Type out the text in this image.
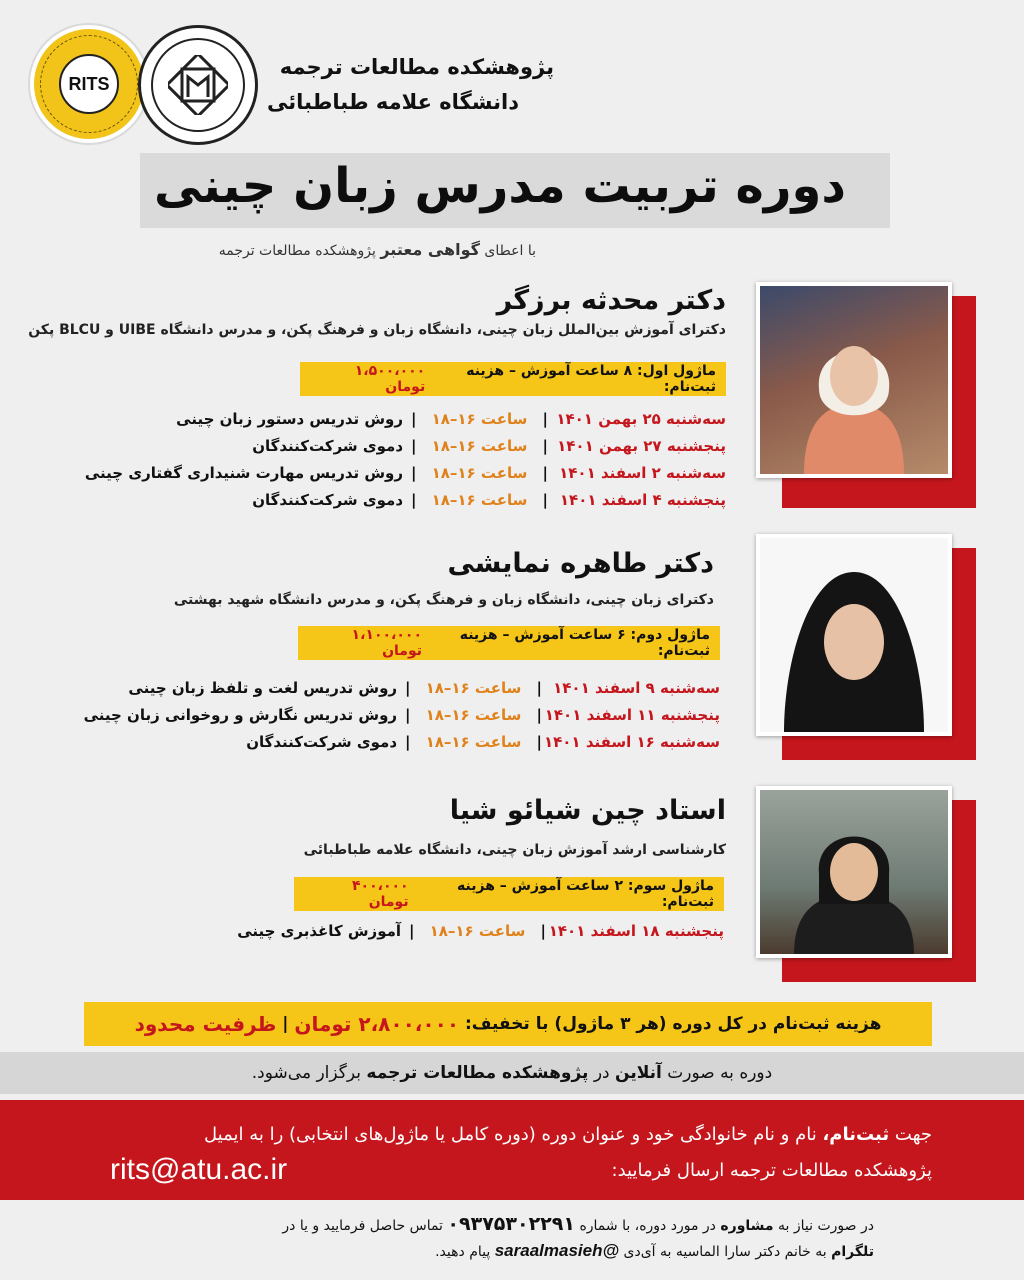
RITS
پژوهشکده مطالعات ترجمه
دانشگاه علامه طباطبائی
دوره تربیت مدرس زبان چینی
با اعطای گواهی معتبر پژوهشکده مطالعات ترجمه
دکتر محدثه برزگر
دکترای آموزش بین‌الملل زبان چینی، دانشگاه زبان و فرهنگ پکن، و مدرس دانشگاه UIBE و BLCU پکن
ماژول اول: ۸ ساعت آموزش – هزینه ثبت‌نام:
۱،۵۰۰،۰۰۰ تومان
سه‌شنبه ۲۵ بهمن ۱۴۰۱
|
ساعت ۱۶–۱۸
|
روش تدریس دستور زبان چینی
پنجشنبه ۲۷ بهمن ۱۴۰۱
|
ساعت ۱۶–۱۸
|
دموی شرکت‌کنندگان
سه‌شنبه ۲ اسفند ۱۴۰۱
|
ساعت ۱۶–۱۸
|
روش تدریس مهارت شنیداری گفتاری چینی
پنجشنبه ۴ اسفند ۱۴۰۱
|
ساعت ۱۶–۱۸
|
دموی شرکت‌کنندگان
دکتر طاهره نمایشی
دکترای زبان چینی، دانشگاه زبان و فرهنگ پکن، و مدرس دانشگاه شهید بهشتی
ماژول دوم: ۶ ساعت آموزش – هزینه ثبت‌نام:
۱،۱۰۰،۰۰۰ تومان
سه‌شنبه ۹ اسفند ۱۴۰۱
|
ساعت ۱۶–۱۸
|
روش تدریس لغت و تلفظ زبان چینی
پنجشنبه ۱۱ اسفند ۱۴۰۱
|
ساعت ۱۶–۱۸
|
روش تدریس نگارش و روخوانی زبان چینی
سه‌شنبه ۱۶ اسفند ۱۴۰۱
|
ساعت ۱۶–۱۸
|
دموی شرکت‌کنندگان
استاد چین شیائو شیا
کارشناسی ارشد آموزش زبان چینی، دانشگاه علامه طباطبائی
ماژول سوم: ۲ ساعت آموزش – هزینه ثبت‌نام:
۴۰۰،۰۰۰ تومان
پنجشنبه ۱۸ اسفند ۱۴۰۱
|
ساعت ۱۶–۱۸
|
آموزش کاغذبری چینی
هزینه ثبت‌نام در کل دوره (هر ۳ ماژول) با

تخفیف:

۲،۸۰۰،۰۰۰ تومان

|

ظرفیت محدود
دوره به صورت

آنلاین

در

پژوهشکده مطالعات ترجمه

برگزار می‌شود.
جهت ثبت‌نام، نام و نام خانوادگی خود و عنوان دوره (دوره کامل یا ماژول‌های انتخابی) را به ایمیل
پژوهشکده مطالعات ترجمه ارسال فرمایید:
rits@atu.ac.ir
در صورت نیاز به مشاوره در مورد دوره، با شماره ۰۹۳۷۵۳۰۲۲۹۱ تماس حاصل فرمایید و یا در
تلگرام به خانم دکتر سارا الماسیه به آی‌دی @saraalmasieh پیام دهید.
